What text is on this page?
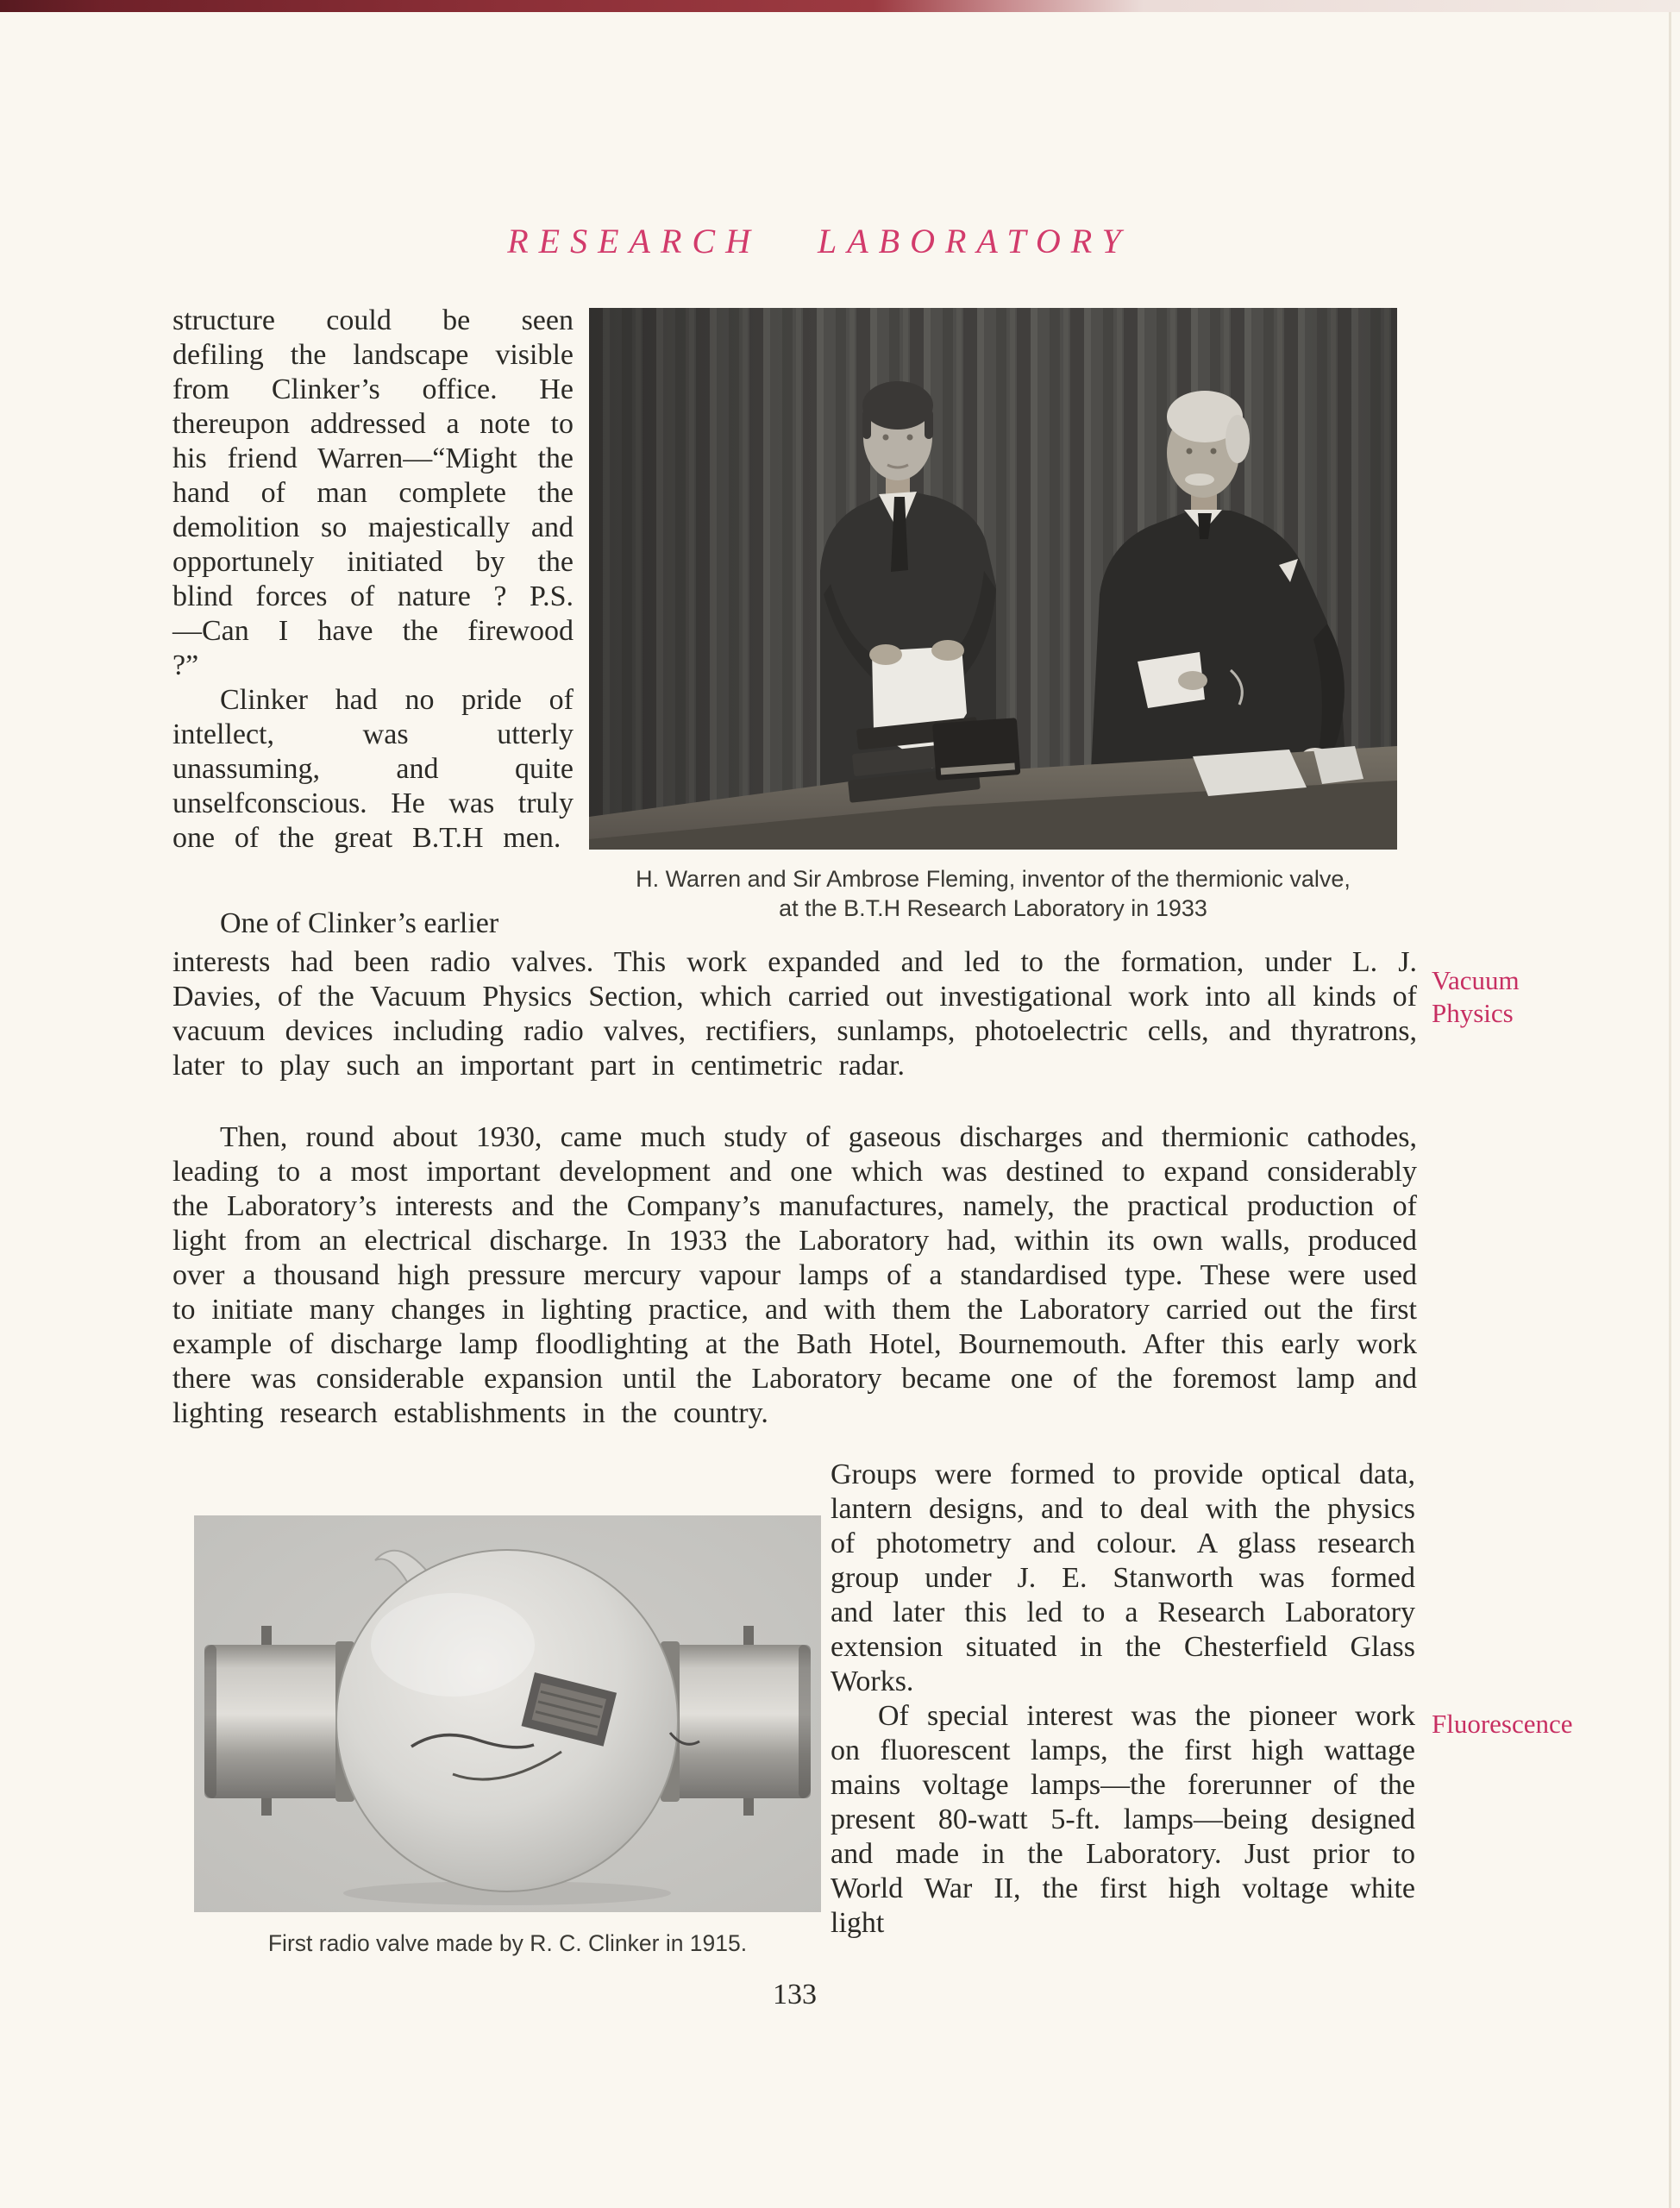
RESEARCH LABORATORY

structure could be seen defiling the landscape visible from Clinker’s office. He thereupon addressed a note to his friend Warren—“Might the hand of man complete the demolition so majestically and opportunely initiated by the blind forces of nature ? P.S.—Can I have the firewood ?”

Clinker had no pride of intellect, was utterly unassuming, and quite unselfconscious. He was truly one of the great B.T.H men.

One of Clinker’s earlier
H. Warren and Sir Ambrose Fleming, inventor of the thermionic valve,
at the B.T.H Research Laboratory in 1933
interests had been radio valves. This work expanded and led to the formation, under L. J. Davies, of the Vacuum Physics Section, which carried out investigational work into all kinds of vacuum devices including radio valves, rectifiers, sunlamps, photoelectric cells, and thyratrons, later to play such an important part in centimetric radar.
Vacuum
Physics
Then, round about 1930, came much study of gaseous discharges and thermionic cathodes, leading to a most important development and one which was destined to expand considerably the Laboratory’s interests and the Company’s manufactures, namely, the practical production of light from an electrical discharge. In 1933 the Laboratory had, within its own walls, produced over a thousand high pressure mercury vapour lamps of a standardised type. These were used to initiate many changes in lighting practice, and with them the Laboratory carried out the first example of discharge lamp floodlighting at the Bath Hotel, Bournemouth. After this early work there was considerable expansion until the Laboratory became one of the foremost lamp and lighting research establishments in the country.

Groups were formed to provide optical data, lantern designs, and to deal with the physics of photometry and colour. A glass research group under J. E. Stanworth was formed and later this led to a Research Laboratory extension situated in the Chesterfield Glass Works.

Of special interest was the pioneer work on fluorescent lamps, the first high wattage mains voltage lamps—the forerunner of the present 80-watt 5-ft. lamps—being designed and made in the Laboratory. Just prior to World War II, the first high voltage white light

Fluorescence
First radio valve made by R. C. Clinker in 1915.
133
